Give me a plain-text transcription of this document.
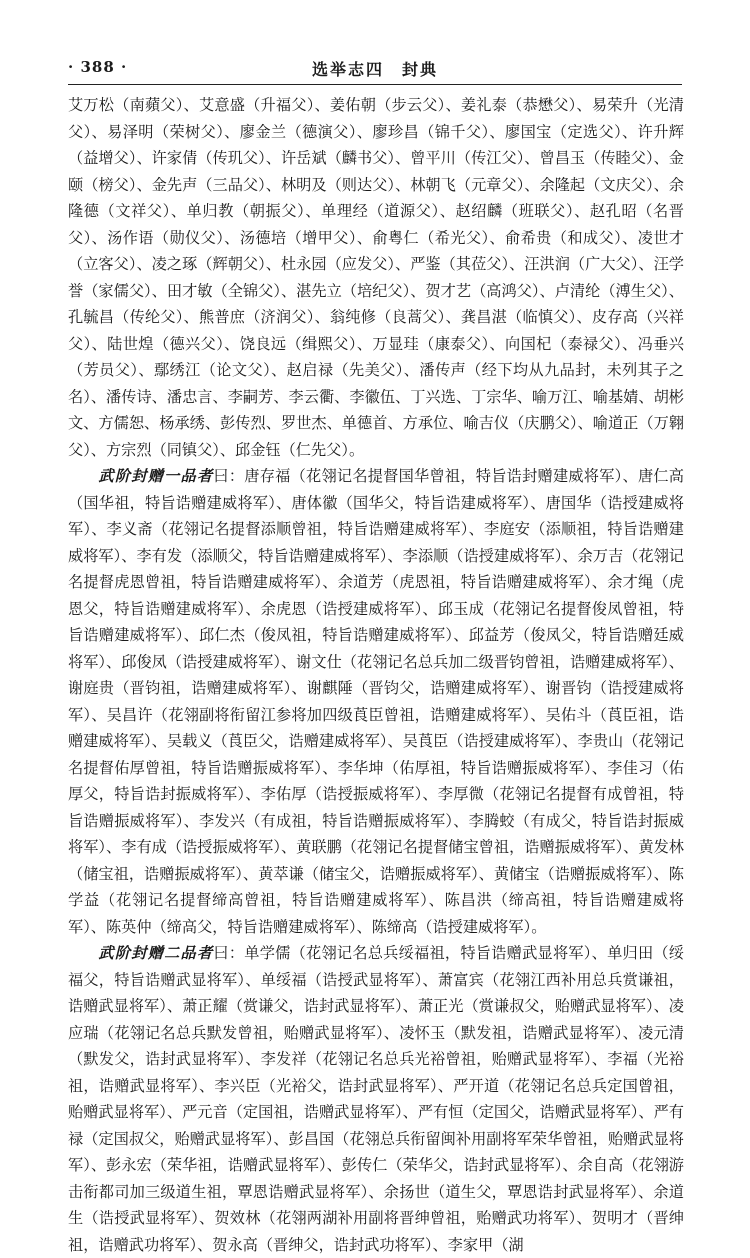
· 388 ·	选举志四　封典

艾万松（南蘋父）、艾意盛（升福父）、姜佑朝（步云父）、姜礼泰（恭懋父）、易荣升（光清父）、易泽明（荣树父）、廖金兰（德演父）、廖珍昌（锦千父）、廖国宝（定选父）、许升辉（益增父）、许家倩（传玑父）、许岳斌（麟书父）、曾平川（传江父）、曾昌玉（传睦父）、金颐（榜父）、金先声（三品父）、林明及（则达父）、林朝飞（元章父）、余隆起（文庆父）、余隆德（文祥父）、单归教（朝振父）、单理经（道源父）、赵绍麟（班联父）、赵孔昭（名晋父）、汤作语（勋仪父）、汤德培（增甲父）、俞粤仁（希光父）、俞希贵（和成父）、凌世才（立客父）、凌之琢（辉朝父）、杜永园（应发父）、严鉴（其莅父）、汪洪润（广大父）、汪学誉（家儒父）、田才敏（全锦父）、湛先立（培纪父）、贺才艺（高鸿父）、卢清纶（溥生父）、孔毓昌（传纶父）、熊普庶（济润父）、翁纯修（良蒿父）、龚昌湛（临慎父）、皮存高（兴祥父）、陆世煌（德兴父）、饶良远（缉熙父）、万显珪（康泰父）、向国杞（泰禄父）、冯垂兴（芳员父）、鄢绣江（论文父）、赵启禄（先美父）、潘传声（经下均从九品封，未列其子之名）、潘传诗、潘忠言、李嗣芳、李云衢、李徽伍、丁兴选、丁宗华、喻万江、喻基婧、胡彬文、方儒恕、杨承绣、彭传烈、罗世杰、单德首、方承位、喻吉仪（庆鹏父）、喻道正（万翱父）、方宗烈（同镇父）、邱金钰（仁先父）。

武阶封赠一品者曰：唐存福（花翎记名提督国华曾祖，特旨诰封赠建威将军）、唐仁高（国华祖，特旨诰赠建威将军）、唐体徽（国华父，特旨诰建威将军）、唐国华（诰授建威将军）、李义斋（花翎记名提督添顺曾祖，特旨诰赠建威将军）、李庭安（添顺祖，特旨诰赠建威将军）、李有发（添顺父，特旨诰赠建威将军）、李添顺（诰授建威将军）、余万吉（花翎记名提督虎恩曾祖，特旨诰赠建威将军）、余道芳（虎恩祖，特旨诰赠建威将军）、余才绳（虎恩父，特旨诰赠建威将军）、余虎恩（诰授建威将军）、邱玉成（花翎记名提督俊凤曾祖，特旨诰赠建威将军）、邱仁杰（俊凤祖，特旨诰赠建威将军）、邱益芳（俊凤父，特旨诰赠廷威将军）、邱俊凤（诰授建威将军）、谢文仕（花翎记名总兵加二级晋钧曾祖，诰赠建威将军）、谢庭贵（晋钧祖，诰赠建威将军）、谢麒陲（晋钧父，诰赠建威将军）、谢晋钧（诰授建威将军）、吴昌许（花翎副将衔留江参将加四级莨臣曾祖，诰赠建威将军）、吴佑斗（莨臣祖，诰赠建威将军）、吴载义（莨臣父，诰赠建威将军）、吴莨臣（诰授建威将军）、李贵山（花翎记名提督佑厚曾祖，特旨诰赠振威将军）、李华坤（佑厚祖，特旨诰赠振威将军）、李佳习（佑厚父，特旨诰封振威将军）、李佑厚（诰授振威将军）、李厚微（花翎记名提督有成曾祖，特旨诰赠振威将军）、李发兴（有成祖，特旨诰赠振威将军）、李腾蛟（有成父，特旨诰封振威将军）、李有成（诰授振威将军）、黄联鹏（花翎记名提督储宝曾祖，诰赠振威将军）、黄发林（储宝祖，诰赠振威将军）、黄萃谦（储宝父，诰赠振威将军）、黄储宝（诰赠振威将军）、陈学益（花翎记名提督缔高曾祖，特旨诰赠建威将军）、陈昌洪（缔高祖，特旨诰赠建威将军）、陈英仲（缔高父，特旨诰赠建威将军）、陈缔高（诰授建威将军）。

武阶封赠二品者曰：单学儒（花翎记名总兵绥福祖，特旨诰赠武显将军）、单归田（绥福父，特旨诰赠武显将军）、单绥福（诰授武显将军）、萧富宾（花翎江西补用总兵赏谦祖，诰赠武显将军）、萧正耀（赏谦父，诰封武显将军）、萧正光（赏谦叔父，贻赠武显将军）、凌应瑞（花翎记名总兵默发曾祖，贻赠武显将军）、凌怀玉（默发祖，诰赠武显将军）、凌元清（默发父，诰封武显将军）、李发祥（花翎记名总兵光裕曾祖，贻赠武显将军）、李福（光裕祖，诰赠武显将军）、李兴臣（光裕父，诰封武显将军）、严开道（花翎记名总兵定国曾祖，贻赠武显将军）、严元音（定国祖，诰赠武显将军）、严有恒（定国父，诰赠武显将军）、严有禄（定国叔父，贻赠武显将军）、彭昌国（花翎总兵衔留闽补用副将军荣华曾祖，贻赠武显将军）、彭永宏（荣华祖，诰赠武显将军）、彭传仁（荣华父，诰封武显将军）、余自高（花翎游击衔都司加三级道生祖，覃恩诰赠武显将军）、余扬世（道生父，覃恩诰封武显将军）、余道生（诰授武显将军）、贺效林（花翎两湖补用副将晋绅曾祖，贻赠武功将军）、贺明才（晋绅祖，诰赠武功将军）、贺永高（晋绅父，诰封武功将军）、李家甲（湖
